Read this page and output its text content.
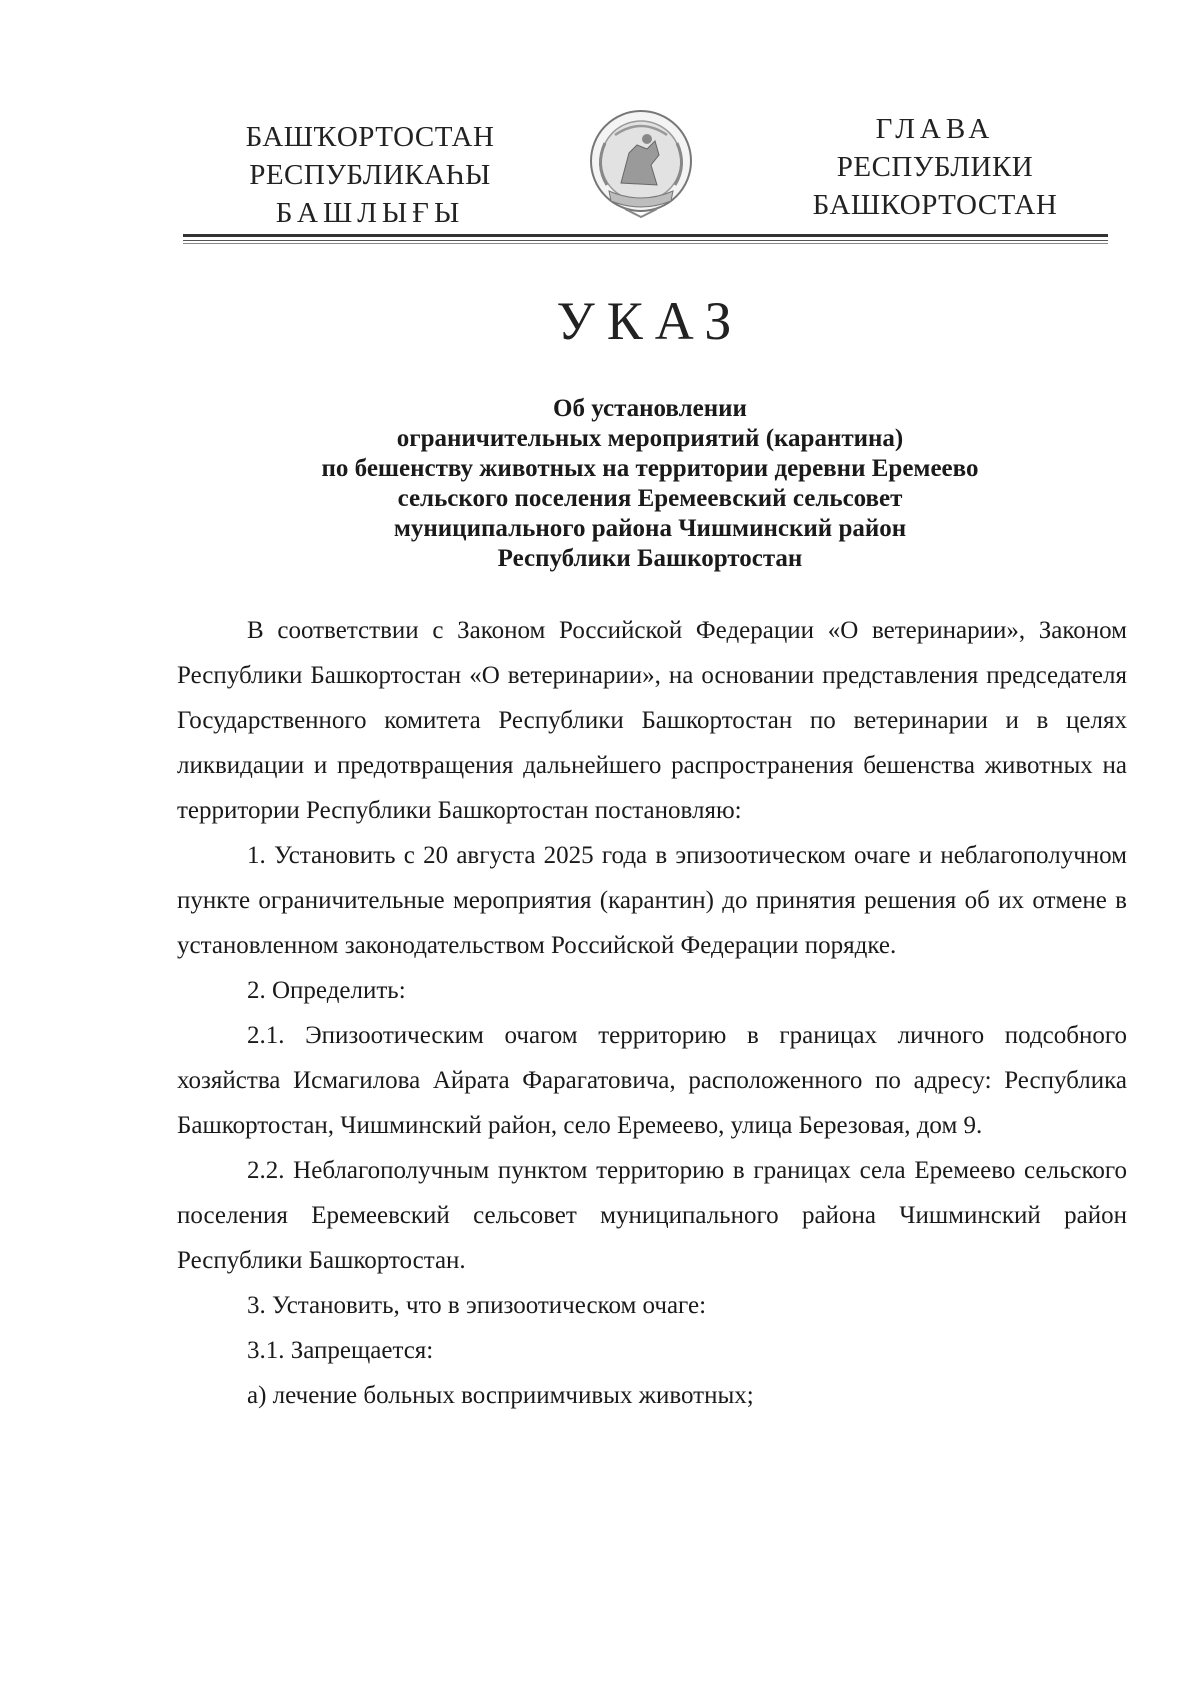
БАШҠОРТОСТАН
РЕСПУБЛИКАҺЫ
БАШЛЫҒЫ
ГЛАВА
РЕСПУБЛИКИ
БАШКОРТОСТАН
УКАЗ
Об установлении
ограничительных мероприятий (карантина)
по бешенству животных на территории деревни Еремеево
сельского поселения Еремеевский сельсовет
муниципального района Чишминский район
Республики Башкортостан

В соответствии с Законом Российской Федерации «О ветеринарии», Законом Республики Башкортостан «О ветеринарии», на основании представления председателя Государственного комитета Республики Башкортостан по ветеринарии и в целях ликвидации и предотвращения дальнейшего распространения бешенства животных на территории Республики Башкортостан постановляю:

1. Установить с 20 августа 2025 года в эпизоотическом очаге и неблагополучном пункте ограничительные мероприятия (карантин) до принятия решения об их отмене в установленном законодательством Российской Федерации порядке.

2. Определить:

2.1. Эпизоотическим очагом территорию в границах личного подсобного хозяйства Исмагилова Айрата Фарагатовича, расположенного по адресу: Республика Башкортостан, Чишминский район, село Еремеево, улица Березовая, дом 9.

2.2. Неблагополучным пунктом территорию в границах села Еремеево сельского поселения Еремеевский сельсовет муниципального района Чишминский район Республики Башкортостан.

3. Установить, что в эпизоотическом очаге:

3.1. Запрещается:

а) лечение больных восприимчивых животных;
